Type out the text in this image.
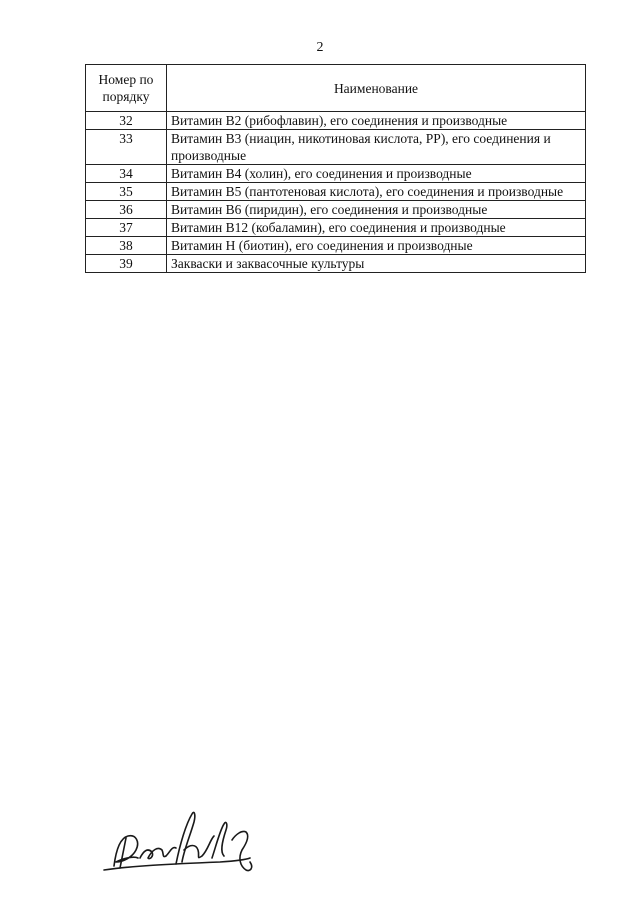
2
Номер по порядку	Наименование
32	Витамин B2 (рибофлавин), его соединения и производные
33	Витамин B3 (ниацин, никотиновая кислота, PP), его соединения и производные
34	Витамин B4 (холин), его соединения и производные
35	Витамин B5 (пантотеновая кислота), его соединения и производные
36	Витамин B6 (пиридин), его соединения и производные
37	Витамин B12 (кобаламин), его соединения и производные
38	Витамин H (биотин), его соединения и производные
39	Закваски и заквасочные культуры
